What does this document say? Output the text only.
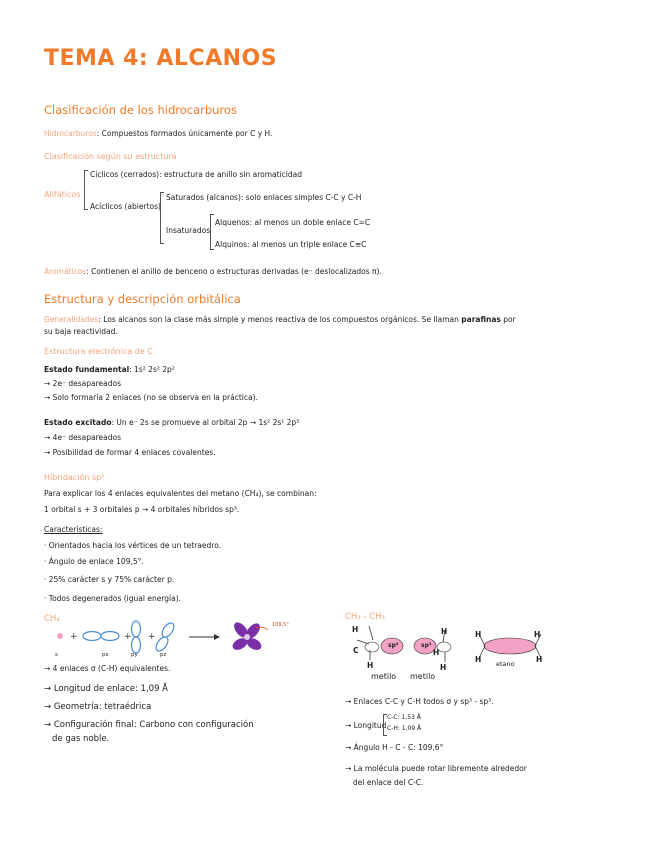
TEMA 4: ALCANOS
Clasificación de los hidrocarburos
Hidrocarburos: Compuestos formados únicamente por C y H.
Clasificación según su estructura
Alifáticos
Cíclicos (cerrados): estructura de anillo sin aromaticidad
Acíclicos (abiertos)
Saturados (alcanos): solo enlaces simples C-C y C-H
Insaturados
Alquenos: al menos un doble enlace C=C
Alquinos: al menos un triple enlace C≡C
Aromáticos: Contienen el anillo de benceno o estructuras derivadas (e⁻ deslocalizados π).
Estructura y descripción orbitálica
Generalidades: Los alcanos son la clase más simple y menos reactiva de los compuestos orgánicos. Se llaman parafinas por
su baja reactividad.
Estructura electrónica de C
Estado fundamental: 1s² 2s² 2p²
→ 2e⁻ desapareados
→ Solo formaría 2 enlaces (no se observa en la práctica).
Estado excitado: Un e⁻ 2s se promueve al orbital 2p → 1s² 2s¹ 2p³
→ 4e⁻ desapareados
→ Posibilidad de formar 4 enlaces covalentes.
Hibridación sp³
Para explicar los 4 enlaces equivalentes del metano (CH₄), se combinan:
1 orbital s + 3 orbitales p → 4 orbitales híbridos sp³.
Características:
· Orientados hacia los vértices de un tetraedro.
· Ángulo de enlace 109,5°.
· 25% carácter s y 75% carácter p.
· Todos degenerados (igual energía).
CH₄
+	+ +
109,5°
s	px	py	pz
→ 4 enlaces σ (C-H) equivalentes.
→ Longitud de enlace: 1,09 Å
→ Geometría: tetraédrica
→ Configuración final: Carbono con configuración
de gas noble.
CH₃ - CH₃
H
C
H
sp³	sp³
H
H
H
H
H
H
H
metilo metilo
etano
→ Enlaces C-C y C-H todos σ y sp³ - sp³.
→ Longitud
C-C: 1,53 Å
C-H: 1,09 Å
→ Ángulo H - C - C: 109,6°
→ La molécula puede rotar libremente alrededor
del enlace del C-C.
